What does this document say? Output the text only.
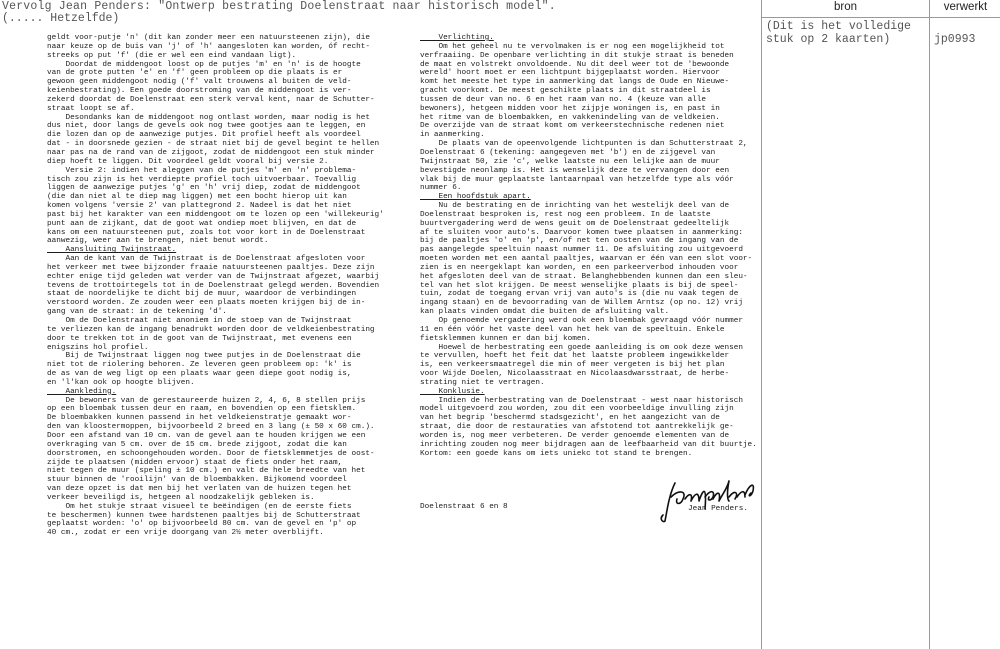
Vervolg Jean Penders: "Ontwerp bestrating Doelenstraat naar historisch model".
(..... Hetzelfde)

geldt voor-putje 'n' (dit kan zonder meer een natuursteenen zijn), die

naar keuze op de buis van 'j' of 'h' aangesloten kan worden, óf recht-

streeks op put 'f' (die er wel een eind vandaan ligt).

Doordat de middengoot loost op de putjes 'm' en 'n' is de hoogte

van de grote putten 'e' en 'f' geen probleem op die plaats is er

gewoon geen middengoot nodig ('f' valt trouwens al buiten de veld-

keienbestrating). Een goede doorstroming van de middengoot is ver-

zekerd doordat de Doelenstraat een sterk verval kent, naar de Schutter-

straat loopt se af.

Desondanks kan de middengoot nog ontlast worden, maar nodig is het

dus niet, door langs de gevels ook nog twee gootjes aan te leggen, en

die lozen dan op de aanwezige putjes. Dit profiel heeft als voordeel

dat - in doorsnede gezien - de straat niet bij de gevel begint te hellen

naar pas na de rand van de zijgoot, zodat de middengoot een stuk minder

diep hoeft te liggen. Dit voordeel geldt vooral bij versie 2.

Versie 2: indien het aleggen van de putjes 'm' en 'n' problema-

tisch zou zijn is het verdiepte profiel toch uitvoerbaar. Toevallig

liggen de aanwezige putjes 'g' en 'h' vrij diep, zodat de middengoot

(die dan niet al te diep mag liggen) met een bocht hierop uit kan

komen volgens 'versie 2' van plattegrond 2. Nadeel is dat het niet

past bij het karakter van een middengoot om te lozen op een 'willekeurig'

punt aan de zijkant, dat de goot wat ondiep moet blijven, en dat de

kans om een natuursteenen put, zoals tot voor kort in de Doelenstraat

aanwezig, weer aan te brengen, niet benut wordt.

Aansluiting Twijnstraat.

Aan de kant van de Twijnstraat is de Doelenstraat afgesloten voor

het verkeer met twee bijzonder fraaie natuursteenen paaltjes. Deze zijn

echter enige tijd geleden wat verder van de Twijnstraat afgezet, waarbij

tevens de trottoirtegels tot in de Doelenstraat gelegd werden. Bovendien

staat de noordelijke te dicht bij de muur, waardoor de verbindingen

verstoord worden. Ze zouden weer een plaats moeten krijgen bij de in-

gang van de straat: in de tekening 'd'.

Om de Doelenstraat niet anoniem in de stoep van de Twijnstraat

te verliezen kan de ingang benadrukt worden door de veldkeienbestrating

door te trekken tot in de goot van de Twijnstraat, met evenens een

enigszins hol profiel.

Bij de Twijnstraat liggen nog twee putjes in de Doelenstraat die

niet tot de riolering behoren. Ze leveren geen probleem op: 'k' is

de as van de weg ligt op een plaats waar geen diepe goot nodig is,

en 'l'kan ook op hoogte blijven.

Aankleding.

De bewoners van de gerestaureerde huizen 2, 4, 6, 8 stellen prijs

op een bloembak tussen deur en raam, en bovendien op een fietsklem.

De bloembakken kunnen passend in het veldkeienstratje gemaakt wor-

den van kloostermoppen, bijvoorbeeld 2 breed en 3 lang (± 50 x 60 cm.).

Door een afstand van 10 cm. van de gevel aan te houden krijgen we een

overkraging van 5 cm. over de 15 cm. brede zijgoot, zodat die kan

doorstromen, en schoongehouden worden. Door de fietsklemmetjes de oost-

zijde te plaatsen (midden ervoor) staat de fiets onder het raam,

niet tegen de muur (speling ± 10 cm.) en valt de hele breedte van het

stuur binnen de 'rooilijn' van de bloembakken. Bijkomend voordeel

van deze opzet is dat men bij het verlaten van de huizen tegen het

verkeer beveiligd is, hetgeen al noodzakelijk gebleken is.

Om het stukje straat visueel te beëindigen (en de eerste fiets

te beschermen) kunnen twee hardstenen paaltjes bij de Schutterstraat

geplaatst worden: 'o' op bijvoorbeeld 80 cm. van de gevel en 'p' op

40 cm., zodat er een vrije doorgang van 2½ meter overblijft.

Verlichting.

Om het geheel nu te vervolmaken is er nog een mogelijkheid tot

verfraaiing. De openbare verlichting in dit stukje straat is beneden

de maat en volstrekt onvoldoende. Nu dit deel weer tot de 'bewoonde

wereld' hoort moet er een lichtpunt bijgeplaatst worden. Hiervoor

komt het meeste het type in aanmerking dat langs de Oude en Nieuwe-

gracht voorkomt. De meest geschikte plaats in dit straatdeel is

tussen de deur van no. 6 en het raam van no. 4 (keuze van alle

bewoners), hetgeen midden voor het zijpje woningen is, en past in

het ritme van de bloembakken, en vakkenindeling van de veldkeien.

De overzijde van de straat komt om verkeerstechnische redenen niet

in aanmerking.

De plaats van de opeenvolgende lichtpunten is dan Schutterstraat 2,

Doelenstraat 6 (tekening: aangegeven met 'b') en de zijgevel van

Twijnstraat 50, zie 'c', welke laatste nu een lelijke aan de muur

bevestigde neonlamp is. Het is wenselijk deze te vervangen door een

vlak bij de muur geplaatste lantaarnpaal van hetzelfde type als vóór

nummer 6.

Een hoofdstuk apart.

Nu de bestrating en de inrichting van het westelijk deel van de

Doelenstraat besproken is, rest nog een probleem. In de laatste

buurtvergadering werd de wens geuit om de Doelenstraat gedeeltelijk

af te sluiten voor auto's. Daarvoor komen twee plaatsen in aanmerking:

bij de paaltjes 'o' en 'p', en/of net ten oosten van de ingang van de

pas aangelegde speeltuin naast nummer 11. De afsluiting zou uitgevoerd

moeten worden met een aantal paaltjes, waarvan er één van een slot voor-

zien is en neergeklapt kan worden, en een parkeerverbod inhouden voor

het afgesloten deel van de straat. Belanghebbenden kunnen dan een sleu-

tel van het slot krijgen. De meest wenselijke plaats is bij de speel-

tuin, zodat de toegang ervan vrij van auto's is (die nu vaak tegen de

ingang staan) en de bevoorrading van de Willem Arntsz (op no. 12) vrij

kan plaats vinden omdat die buiten de afsluiting valt.

Op genoemde vergadering werd ook een bloembak gevraagd vóór nummer

11 en één vóór het vaste deel van het hek van de speeltuin. Enkele

fietsklemmen kunnen er dan bij komen.

Hoewel de herbestrating een goede aanleiding is om ook deze wensen

te vervullen, hoeft het feit dat het laatste probleem ingewikkelder

is, een verkeersmaatregel die min of meer vergeten is bij het plan

voor Wijde Doelen, Nicolaasstraat en Nicolaasdwarsstraat, de herbe-

strating niet te vertragen.

Konklusie.

Indien de herbestrating van de Doelenstraat - west naar historisch

model uitgevoerd zou worden, zou dit een voorbeeldige invulling zijn

van het begrip 'beschermd stadsgezicht', en het aangezicht van de

straat, die door de restauraties van afstotend tot aantrekkelijk ge-

worden is, nog meer verbeteren. De verder genoemde elementen van de

inrichting zouden nog meer bijdragen aan de leefbaarheid van dit buurtje.

Kortom: een goede kans om iets uniekс tot stand te brengen.

Doelenstraat 6 en 8	Jean Penders.
bron	verwerkt
(Dit is het volledige
stuk op 2 kaarten)	jp0993
